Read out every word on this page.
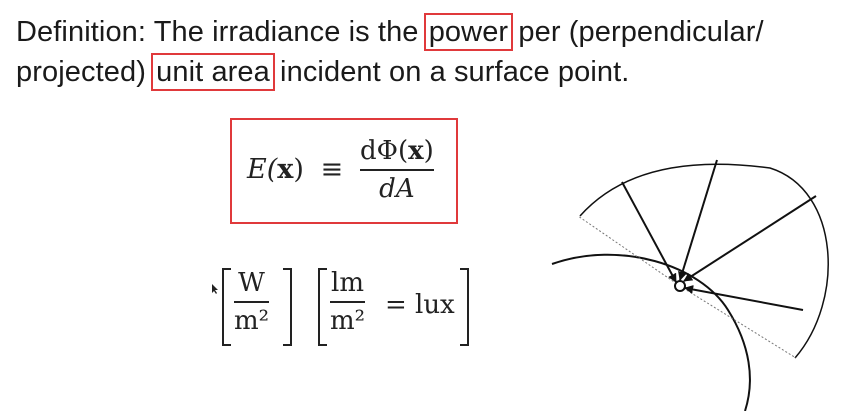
Definition: The irradiance is the power per (perpendicular/ projected) unit area incident on a surface point.
E(x) ≡
dΦ(x)
dA
W
m²
lm
m²
= lux
